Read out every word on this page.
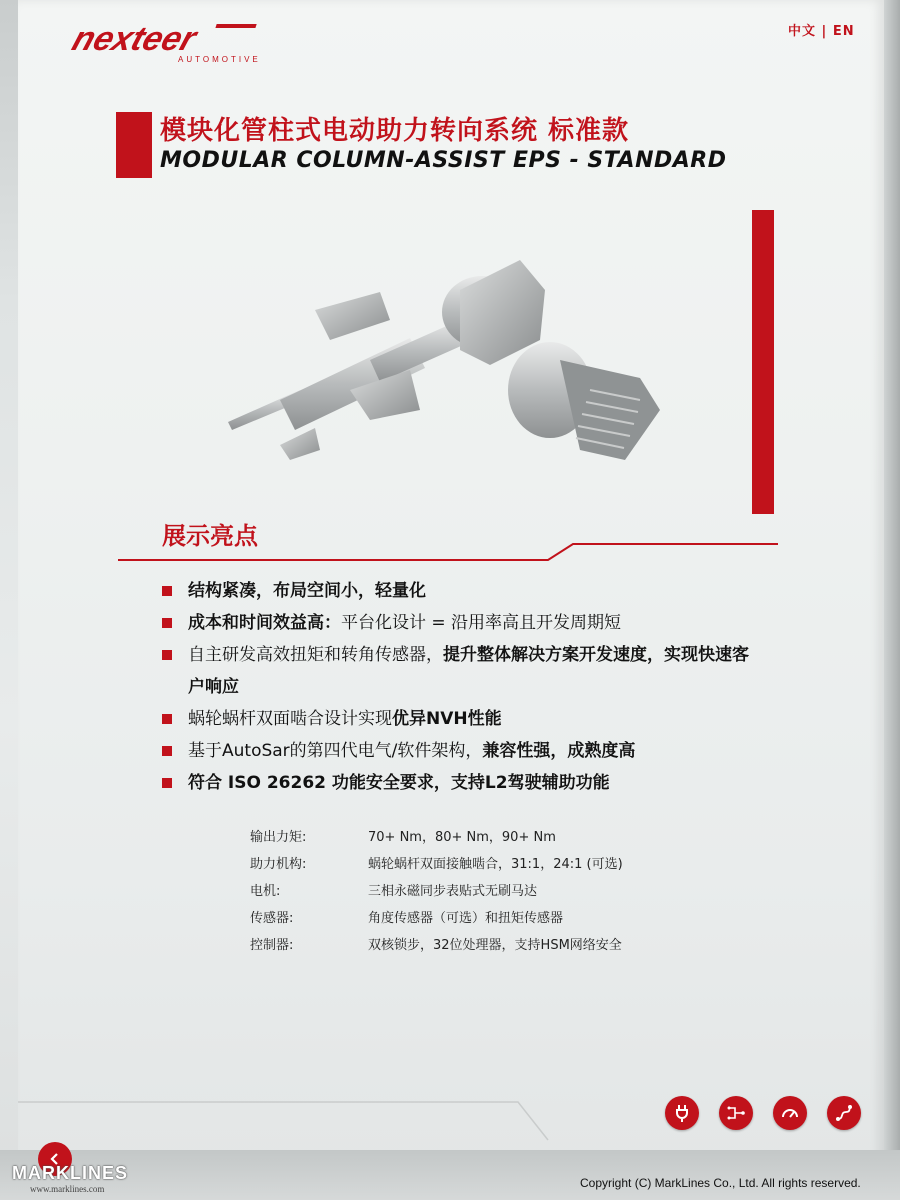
nexteer
AUTOMOTIVE
中文 | EN
模块化管柱式电动助力转向系统 标准款
MODULAR COLUMN-ASSIST EPS - STANDARD
展示亮点
结构紧凑，布局空间小，轻量化
成本和时间效益高：平台化设计 = 沿用率高且开发周期短
自主研发高效扭矩和转角传感器，提升整体解决方案开发速度，实现快速客户响应
蜗轮蜗杆双面啮合设计实现优异NVH性能
基于AutoSar的第四代电气/软件架构，兼容性强，成熟度高
符合 ISO 26262 功能安全要求，支持L2驾驶辅助功能
输出力矩:	70+ Nm，80+ Nm，90+ Nm
助力机构:	蜗轮蜗杆双面接触啮合，31:1，24:1 (可选)
电机:	三相永磁同步表贴式无刷马达
传感器:	角度传感器（可选）和扭矩传感器
控制器:	双核锁步，32位处理器，支持HSM网络安全
MARKLINES
www.marklines.com	Copyright (C) MarkLines Co., Ltd. All rights reserved.
